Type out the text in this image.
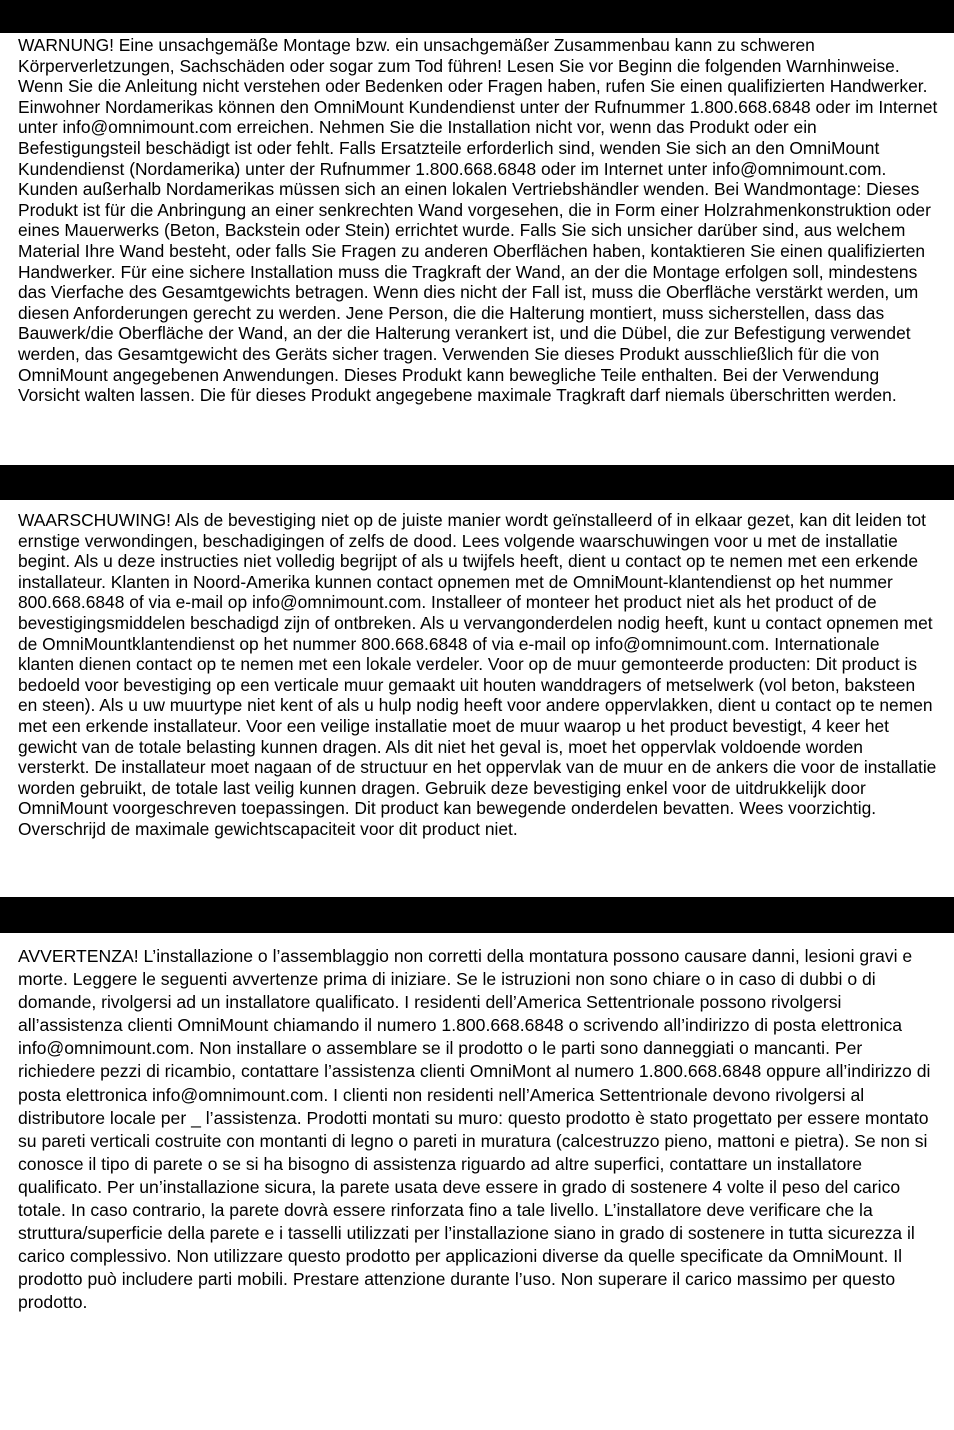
WARNUNG! Eine unsachgemäße Montage bzw. ein unsachgemäßer Zusammenbau kann zu schweren Körperverletzungen, Sachschäden oder sogar zum Tod führen! Lesen Sie vor Beginn die folgenden Warnhinweise. Wenn Sie die Anleitung nicht verstehen oder Bedenken oder Fragen haben, rufen Sie einen qualifizierten Handwerker. Einwohner Nordamerikas können den OmniMount Kundendienst unter der Rufnummer 1.800.668.6848 oder im Internet unter info@omnimount.com erreichen. Nehmen Sie die Installation nicht vor, wenn das Produkt oder ein Befestigungsteil beschädigt ist oder fehlt. Falls Ersatzteile erforderlich sind, wenden Sie sich an den OmniMount Kundendienst (Nordamerika) unter der Rufnummer 1.800.668.6848 oder im Internet unter info@omnimount.com. Kunden außerhalb Nordamerikas müssen sich an einen lokalen Vertriebshändler wenden. Bei Wandmontage: Dieses Produkt ist für die Anbringung an einer senkrechten Wand vorgesehen, die in Form einer Holzrahmenkonstruktion oder eines Mauerwerks (Beton, Backstein oder Stein) errichtet wurde. Falls Sie sich unsicher darüber sind, aus welchem Material Ihre Wand besteht, oder falls Sie Fragen zu anderen Oberflächen haben, kontaktieren Sie einen qualifizierten Handwerker. Für eine sichere Installation muss die Tragkraft der Wand, an der die Montage erfolgen soll, mindestens das Vierfache des Gesamtgewichts betragen. Wenn dies nicht der Fall ist, muss die Oberfläche verstärkt werden, um diesen Anforderungen gerecht zu werden. Jene Person, die die Halterung montiert, muss sicherstellen, dass das Bauwerk/die Oberfläche der Wand, an der die Halterung verankert ist, und die Dübel, die zur Befestigung verwendet werden, das Gesamtgewicht des Geräts sicher tragen. Verwenden Sie dieses Produkt ausschließlich für die von OmniMount angegebenen Anwendungen. Dieses Produkt kann bewegliche Teile enthalten. Bei der Verwendung Vorsicht walten lassen. Die für dieses Produkt angegebene maximale Tragkraft darf niemals überschritten werden.

WAARSCHUWING! Als de bevestiging niet op de juiste manier wordt geïnstalleerd of in elkaar gezet, kan dit leiden tot ernstige verwondingen, beschadigingen of zelfs de dood. Lees volgende waarschuwingen voor u met de installatie begint. Als u deze instructies niet volledig begrijpt of als u twijfels heeft, dient u contact op te nemen met een erkende installateur. Klanten in Noord-Amerika kunnen contact opnemen met de OmniMount-klantendienst op het nummer 800.668.6848 of via e-mail op info@omnimount.com. Installeer of monteer het product niet als het product of de bevestigingsmiddelen beschadigd zijn of ontbreken. Als u vervangonderdelen nodig heeft, kunt u contact opnemen met de OmniMountklantendienst op het nummer 800.668.6848 of via e-mail op info@omnimount.com. Internationale klanten dienen contact op te nemen met een lokale verdeler. Voor op de muur gemonteerde producten: Dit product is bedoeld voor bevestiging op een verticale muur gemaakt uit houten wanddragers of metselwerk (vol beton, baksteen en steen). Als u uw muurtype niet kent of als u hulp nodig heeft voor andere oppervlakken, dient u contact op te nemen met een erkende installateur. Voor een veilige installatie moet de muur waarop u het product bevestigt, 4 keer het gewicht van de totale belasting kunnen dragen. Als dit niet het geval is, moet het oppervlak voldoende worden versterkt. De installateur moet nagaan of de structuur en het oppervlak van de muur en de ankers die voor de installatie worden gebruikt, de totale last veilig kunnen dragen. Gebruik deze bevestiging enkel voor de uitdrukkelijk door OmniMount voorgeschreven toepassingen. Dit product kan bewegende onderdelen bevatten. Wees voorzichtig. Overschrijd de maximale gewichtscapaciteit voor dit product niet.

AVVERTENZA! L’installazione o l’assemblaggio non corretti della montatura possono causare danni, lesioni gravi e morte. Leggere le seguenti avvertenze prima di iniziare. Se le istruzioni non sono chiare o in caso di dubbi o di domande, rivolgersi ad un installatore qualificato. I residenti dell’America Settentrionale possono rivolgersi all’assistenza clienti OmniMount chiamando il numero 1.800.668.6848 o scrivendo all’indirizzo di posta elettronica info@omnimount.com. Non installare o assemblare se il prodotto o le parti sono danneggiati o mancanti. Per richiedere pezzi di ricambio, contattare l’assistenza clienti OmniMont al numero 1.800.668.6848 oppure all’indirizzo di posta elettronica info@omnimount.com. I clienti non residenti nell’America Settentrionale devono rivolgersi al distributore locale per _ l’assistenza. Prodotti montati su muro: questo prodotto è stato progettato per essere montato su pareti verticali costruite con montanti di legno o pareti in muratura (calcestruzzo pieno, mattoni e pietra). Se non si conosce il tipo di parete o se si ha bisogno di assistenza riguardo ad altre superfici, contattare un installatore qualificato. Per un’installazione sicura, la parete usata deve essere in grado di sostenere 4 volte il peso del carico totale. In caso contrario, la parete dovrà essere rinforzata fino a tale livello. L’installatore deve verificare che la struttura/superficie della parete e i tasselli utilizzati per l’installazione siano in grado di sostenere in tutta sicurezza il carico complessivo. Non utilizzare questo prodotto per applicazioni diverse da quelle specificate da OmniMount. Il prodotto può includere parti mobili. Prestare attenzione durante l’uso. Non superare il carico massimo per questo prodotto.
